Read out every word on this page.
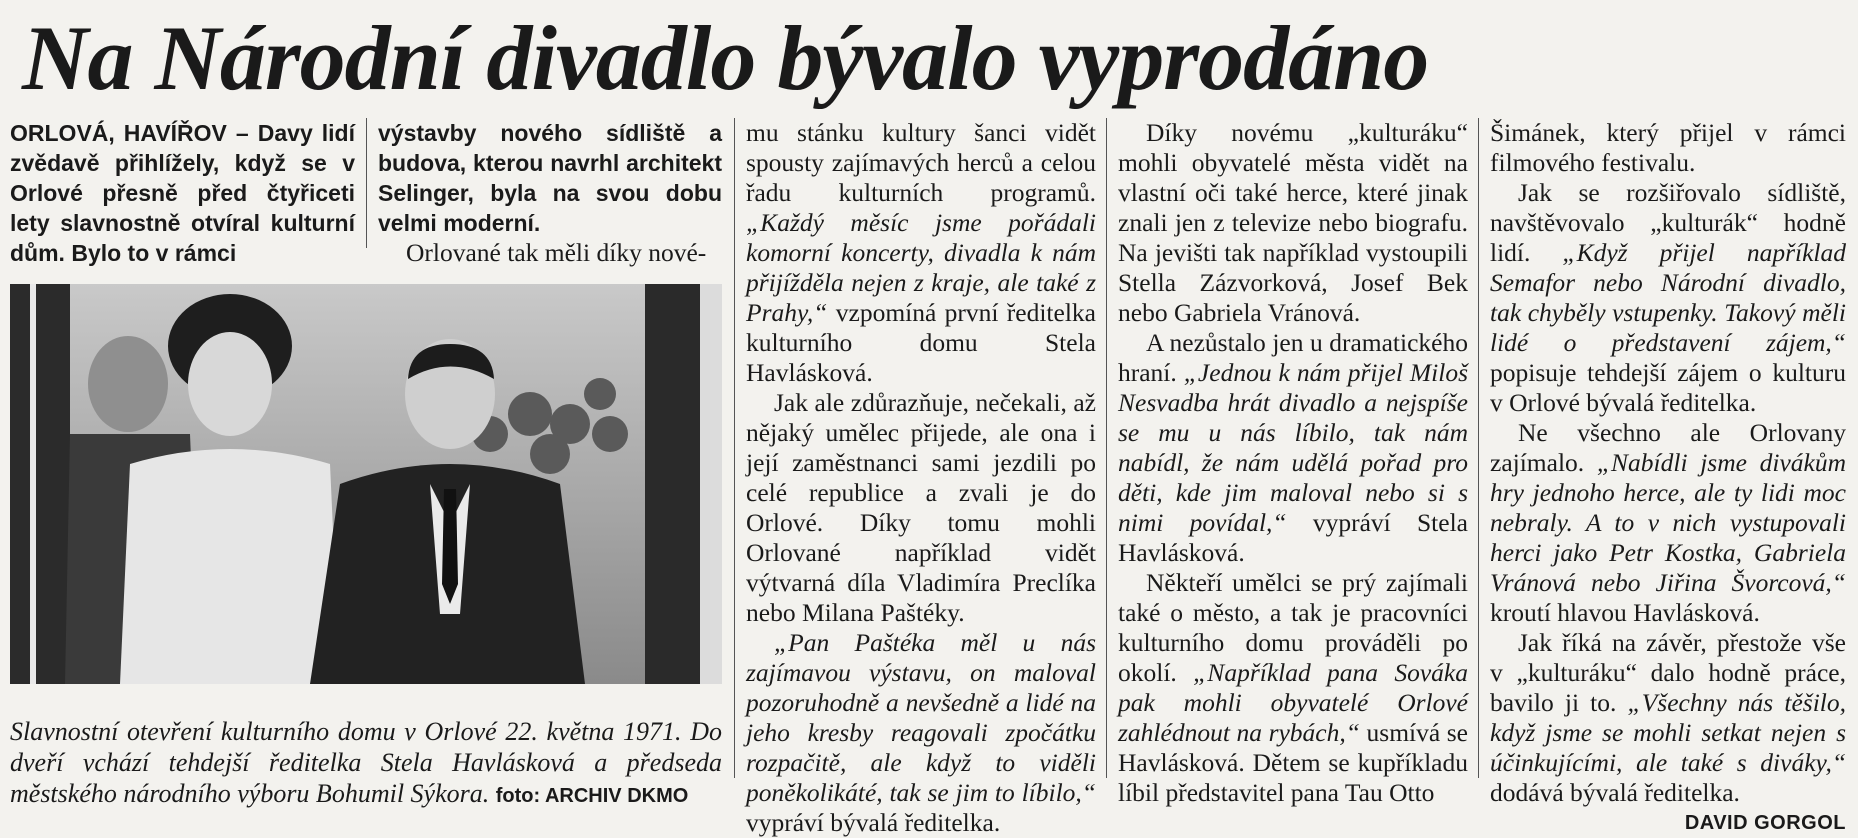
Na Národní divadlo bývalo vyprodáno

ORLOVÁ, HAVÍŘOV – Davy lidí zvědavě přihlížely, když se v Orlové přesně před čtyřiceti lety slavnostně otvíral kulturní dům. Bylo to v rámci

výstavby nového sídliště a budova, kterou navrhl architekt Selinger, byla na svou dobu velmi moderní.

Orlované tak měli díky nové-

Slavnostní otevření kulturního domu v Orlové 22. května 1971. Do dveří vchází tehdejší ředitelka Stela Havlásková a předseda městského národního výboru Bohumil Sýkora. foto: ARCHIV DKMO

mu stánku kultury šanci vidět spousty zajímavých herců a celou řadu kulturních programů. „Každý měsíc jsme pořádali komorní koncerty, divadla k nám přijížděla nejen z kraje, ale také z Prahy,“ vzpomíná první ředitelka kulturního domu Stela Havlásková.

Jak ale zdůrazňuje, nečekali, až nějaký umělec přijede, ale ona i její zaměstnanci sami jezdili po celé republice a zvali je do Orlové. Díky tomu mohli Orlované například vidět výtvarná díla Vladimíra Preclíka nebo Milana Paštéky.

„Pan Paštéka měl u nás zajímavou výstavu, on maloval pozoruhodně a nevšedně a lidé na jeho kresby reagovali zpočátku rozpačitě, ale když to viděli poněkolikáté, tak se jim to líbilo,“ vypráví bývalá ředitelka.

Díky novému „kulturáku“ mohli obyvatelé města vidět na vlastní oči také herce, které jinak znali jen z televize nebo biografu. Na jevišti tak například vystoupili Stella Zázvorková, Josef Bek nebo Gabriela Vránová.

A nezůstalo jen u dramatického hraní. „Jednou k nám přijel Miloš Nesvadba hrát divadlo a nejspíše se mu u nás líbilo, tak nám nabídl, že nám udělá pořad pro děti, kde jim maloval nebo si s nimi povídal,“ vypráví Stela Havlásková.

Někteří umělci se prý zajímali také o město, a tak je pracovníci kulturního domu prováděli po okolí. „Například pana Sováka pak mohli obyvatelé Orlové zahlédnout na rybách,“ usmívá se Havlásková. Dětem se kupříkladu líbil představitel pana Tau Otto

Šimánek, který přijel v rámci filmového festivalu.

Jak se rozšiřovalo sídliště, navštěvovalo „kulturák“ hodně lidí. „Když přijel například Semafor nebo Národní divadlo, tak chyběly vstupenky. Takový měli lidé o představení zájem,“ popisuje tehdejší zájem o kulturu v Orlové bývalá ředitelka.

Ne všechno ale Orlovany zajímalo. „Nabídli jsme divákům hry jednoho herce, ale ty lidi moc nebraly. A to v nich vystupovali herci jako Petr Kostka, Gabriela Vránová nebo Jiřina Švorcová,“ kroutí hlavou Havlásková.

Jak říká na závěr, přestože vše v „kulturáku“ dalo hodně práce, bavilo ji to. „Všechny nás těšilo, když jsme se mohli setkat nejen s účinkujícími, ale také s diváky,“ dodává bývalá ředitelka.

DAVID GORGOL
